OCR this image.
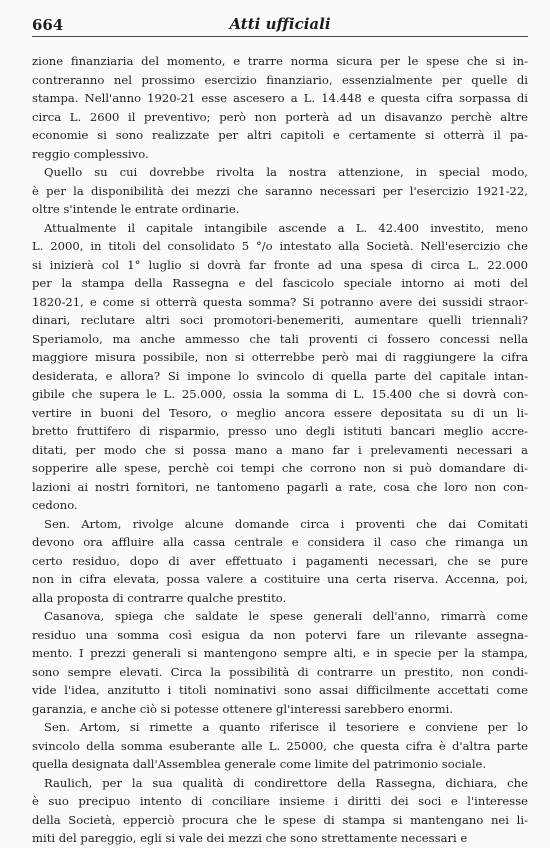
664	Atti ufficiali
zione finanziaria del momento, e trarre norma sicura per le spese che si in-
contreranno nel prossimo esercizio finanziario, essenzialmente per quelle di
stampa. Nell'anno 1920-21 esse ascesero a L. 14.448 e questa cifra sorpassa di
circa L. 2600 il preventivo; però non porterà ad un disavanzo perchè altre
economie si sono realizzate per altri capitoli e certamente si otterrà il pa-
reggio complessivo.
Quello su cui dovrebbe rivolta la nostra attenzione, in special modo,
è per la disponibilità dei mezzi che saranno necessari per l'esercizio 1921-22,
oltre s'intende le entrate ordinarie.
Attualmente il capitale intangibile ascende a L. 42.400 investito, meno
L. 2000, in titoli del consolidato 5 °/o intestato alla Società. Nell'esercizio che
si inizierà col 1° luglio si dovrà far fronte ad una spesa di circa L. 22.000
per la stampa della Rassegna e del fascicolo speciale intorno ai moti del
1820-21, e come si otterrà questa somma? Si potranno avere dei sussidi straor-
dinari, reclutare altri soci promotori-benemeriti, aumentare quelli triennali?
Speriamolo, ma anche ammesso che tali proventi ci fossero concessi nella
maggiore misura possibile, non si otterrebbe però mai di raggiungere la cifra
desiderata, e allora? Si impone lo svincolo di quella parte del capitale intan-
gibile che supera le L. 25.000, ossia la somma di L. 15.400 che si dovrà con-
vertire in buoni del Tesoro, o meglio ancora essere depositata su di un li-
bretto fruttifero di risparmio, presso uno degli istituti bancari meglio accre-
ditati, per modo che si possa mano a mano far i prelevamenti necessari a
sopperire alle spese, perchè coi tempi che corrono non si può domandare di-
lazioni ai nostri fornitori, ne tantomeno pagarli a rate, cosa che loro non con-
cedono.
Sen. Artom, rivolge alcune domande circa i proventi che dai Comitati
devono ora affluire alla cassa centrale e considera il caso che rimanga un
certo residuo, dopo di aver effettuato i pagamenti necessari, che se pure
non in cifra elevata, possa valere a costituire una certa riserva. Accenna, poi,
alla proposta di contrarre qualche prestito.
Casanova, spiega che saldate le spese generali dell'anno, rimarrà come
residuo una somma così esigua da non potervi fare un rilevante assegna-
mento. I prezzi generali si mantengono sempre alti, e in specie per la stampa,
sono sempre elevati. Circa la possibilità di contrarre un prestito, non condi-
vide l'idea, anzitutto i titoli nominativi sono assai difficilmente accettati come
garanzia, e anche ciò si potesse ottenere gl'interessi sarebbero enormi.
Sen. Artom, si rimette a quanto riferisce il tesoriere e conviene per lo
svincolo della somma esuberante alle L. 25000, che questa cifra è d'altra parte
quella designata dall'Assemblea generale come limite del patrimonio sociale.
Raulich, per la sua qualità di condirettore della Rassegna, dichiara, che
è suo precipuo intento di conciliare insieme i diritti dei soci e l'interesse
della Società, epperciò procura che le spese di stampa si mantengano nei li-
miti del pareggio, egli si vale dei mezzi che sono strettamente necessari e
